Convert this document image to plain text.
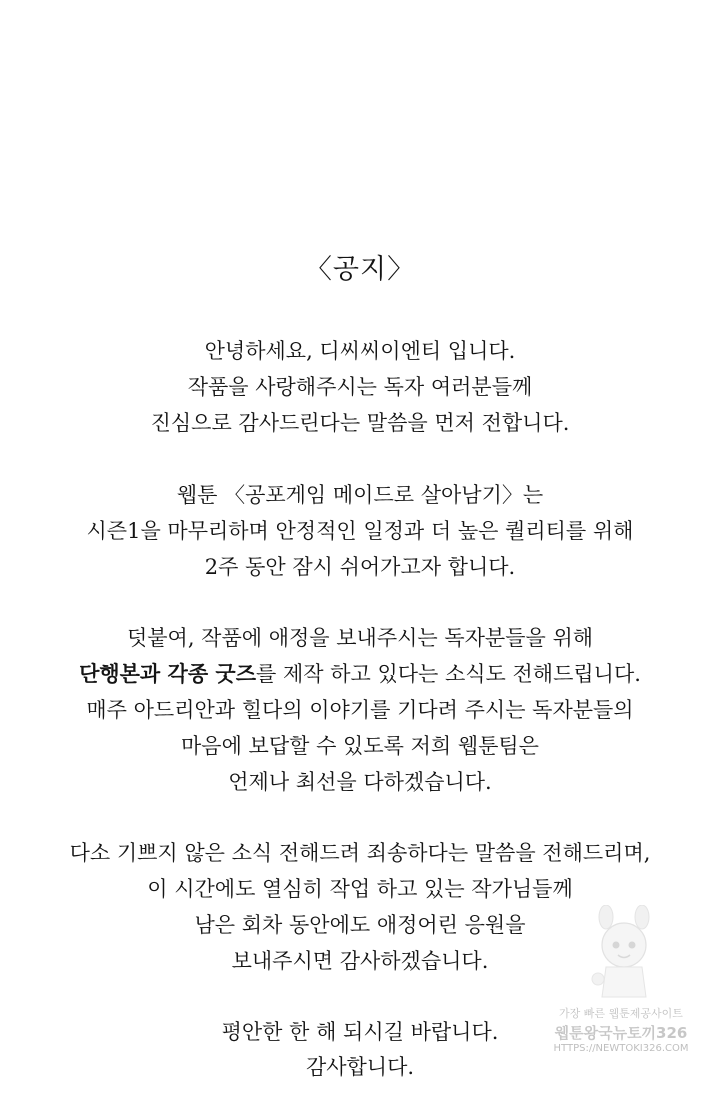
〈공지〉
안녕하세요, 디씨씨이엔티 입니다.
작품을 사랑해주시는 독자 여러분들께
진심으로 감사드린다는 말씀을 먼저 전합니다.
웹툰 〈공포게임 메이드로 살아남기〉는
시즌1을 마무리하며 안정적인 일정과 더 높은 퀄리티를 위해
2주 동안 잠시 쉬어가고자 합니다.
덧붙여, 작품에 애정을 보내주시는 독자분들을 위해
단행본과 각종 굿즈를 제작 하고 있다는 소식도 전해드립니다.
매주 아드리안과 힐다의 이야기를 기다려 주시는 독자분들의
마음에 보답할 수 있도록 저희 웹툰팀은
언제나 최선을 다하겠습니다.
다소 기쁘지 않은 소식 전해드려 죄송하다는 말씀을 전해드리며,
이 시간에도 열심히 작업 하고 있는 작가님들께
남은 회차 동안에도 애정어린 응원을
보내주시면 감사하겠습니다.
평안한 한 해 되시길 바랍니다.
감사합니다.
가장 빠른 웹툰제공사이트
웹툰왕국뉴토끼326
HTTPS://NEWTOKI326.COM
